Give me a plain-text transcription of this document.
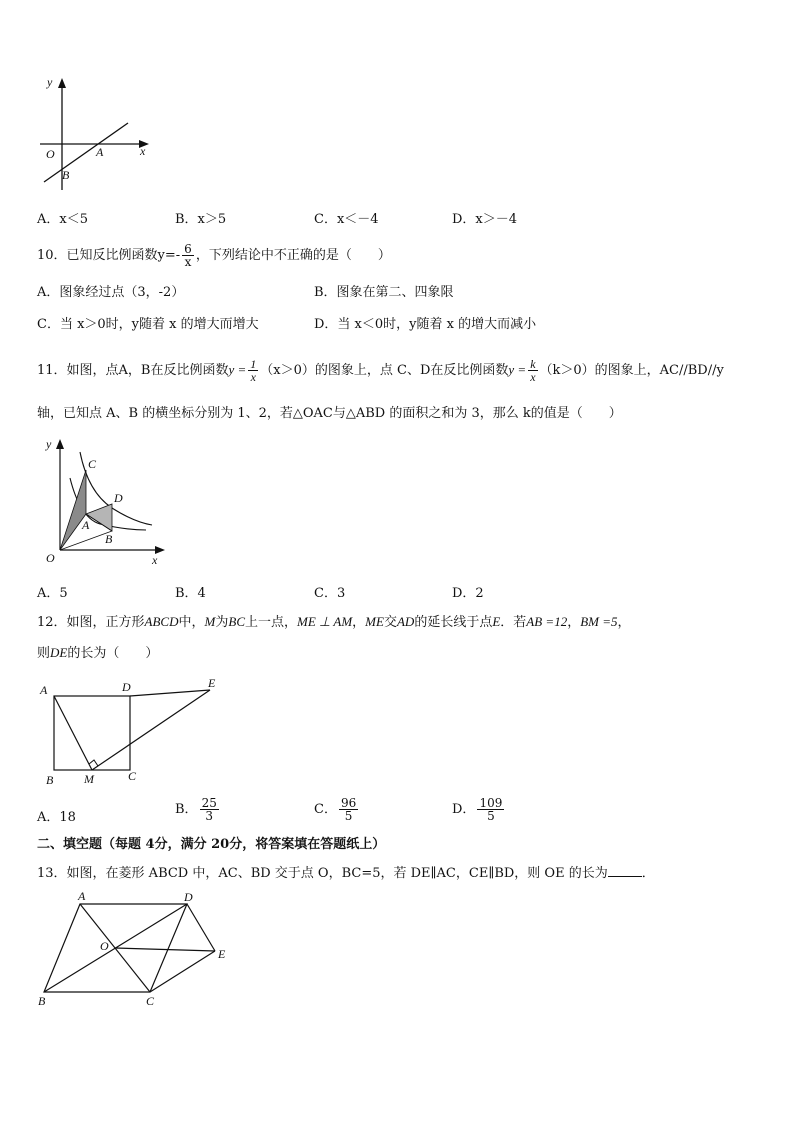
y
x
O	A
B
A．x＜5	B．x＞5	C．x＜－4	D．x＞－4
10．已知反比例函数$y=- \frac{6}{x}$ ，下列结论中不正确的是（　　）
A．图象经过点（3，-2）	B．图象在第二、四象限
C．当 x＞0时，y随着 x 的增大而增大	D．当 x＜0时，y随着 x 的增大而减小
11．如图，点A，B在反比例函数$y = \frac{1}{x} (x>0)$的图象上，点 C、D在反比例函数$y = \frac{k}{x} (k>0)$的图象上，AC//BD//y
轴，已知点 A、B 的横坐标分别为 1、2，若△OAC与△ABD 的面积之和为 3，那么 k的值是（　　）
y
x
O
C
D
A
B
A．5	B．4	C．3	D．2
12．如图，正方形ABCD中，M为BC上一点，ME ⊥ AM，ME交AD的延长线于点E．若AB =12，BM =5，
则DE的长为（　　）
A	D	E
B	M	C
A．18
B． $\frac{25}{3}$	C． $\frac{96}{5}$	D． $\frac{109}{5}$
二、填空题（每题 4分，满分 20分，将答案填在答题纸上）
13．如图，在菱形 ABCD 中，AC、BD 交于点 O，BC=5，若 DE∥AC，CE∥BD，则 OE 的长为	．
A	D
O
E
B	C
